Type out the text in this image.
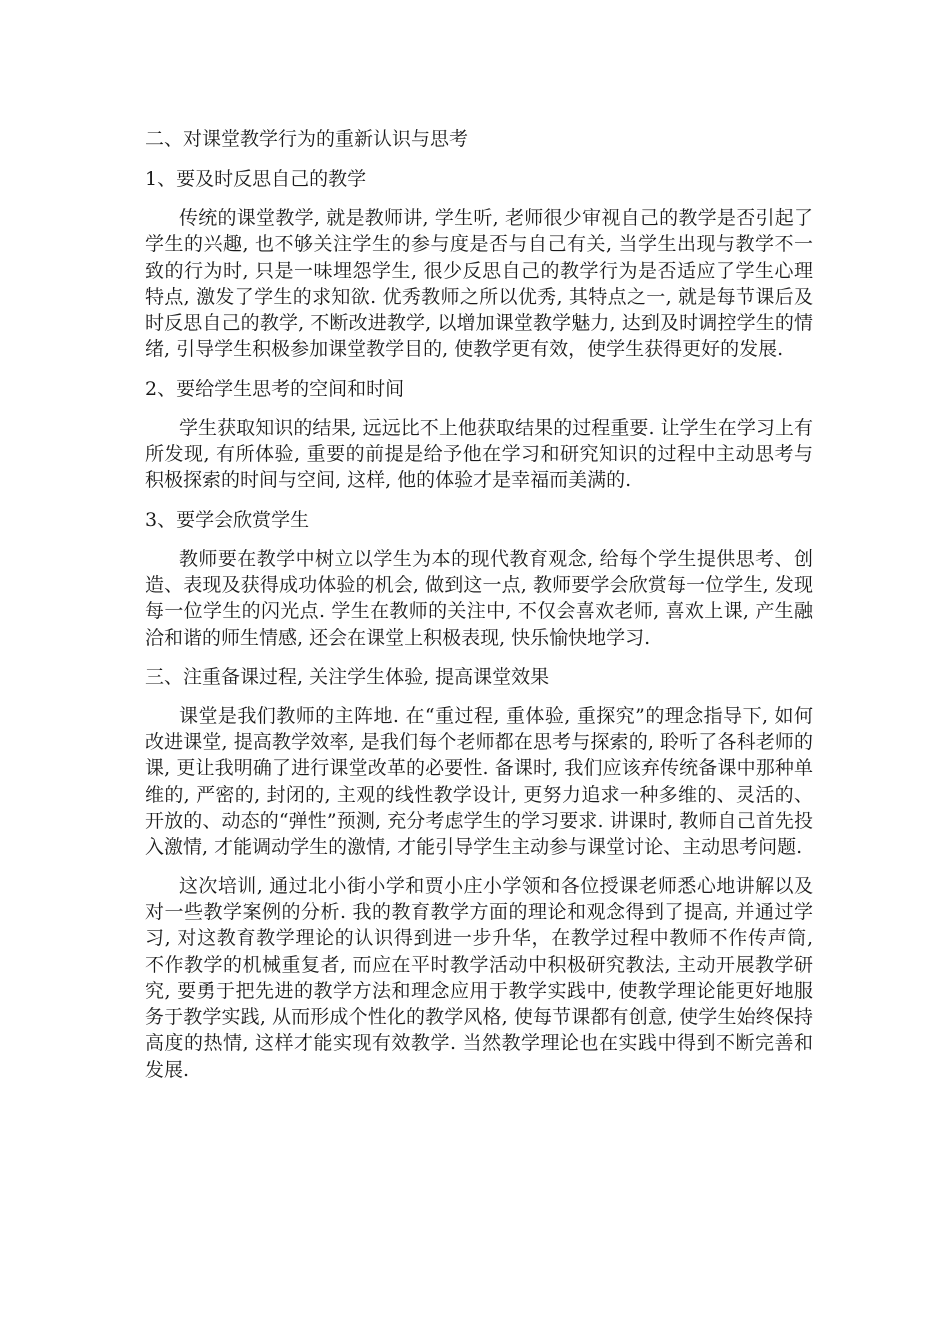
二、对课堂教学行为的重新认识与思考
1、要及时反思自己的教学

传统的课堂教学, 就是教师讲, 学生听, 老师很少审视自己的教学是否引起了学生的兴趣, 也不够关注学生的参与度是否与自己有关, 当学生出现与教学不一致的行为时, 只是一味埋怨学生, 很少反思自己的教学行为是否适应了学生心理特点, 激发了学生的求知欲. 优秀教师之所以优秀, 其特点之一, 就是每节课后及时反思自己的教学, 不断改进教学, 以增加课堂教学魅力, 达到及时调控学生的情绪, 引导学生积极参加课堂教学目的, 使教学更有效，使学生获得更好的发展.

2、要给学生思考的空间和时间

学生获取知识的结果, 远远比不上他获取结果的过程重要. 让学生在学习上有所发现, 有所体验, 重要的前提是给予他在学习和研究知识的过程中主动思考与积极探索的时间与空间, 这样, 他的体验才是幸福而美满的.

3、要学会欣赏学生

教师要在教学中树立以学生为本的现代教育观念, 给每个学生提供思考、创造、表现及获得成功体验的机会, 做到这一点, 教师要学会欣赏每一位学生, 发现每一位学生的闪光点. 学生在教师的关注中, 不仅会喜欢老师, 喜欢上课, 产生融洽和谐的师生情感, 还会在课堂上积极表现, 快乐愉快地学习.

三、注重备课过程, 关注学生体验, 提高课堂效果

课堂是我们教师的主阵地. 在“重过程, 重体验, 重探究”的理念指导下, 如何改进课堂, 提高教学效率, 是我们每个老师都在思考与探索的, 聆听了各科老师的课, 更让我明确了进行课堂改革的必要性. 备课时, 我们应该弃传统备课中那种单维的, 严密的, 封闭的, 主观的线性教学设计, 更努力追求一种多维的、灵活的、开放的、动态的“弹性”预测, 充分考虑学生的学习要求. 讲课时, 教师自己首先投入激情, 才能调动学生的激情, 才能引导学生主动参与课堂讨论、主动思考问题.

这次培训, 通过北小街小学和贾小庄小学领和各位授课老师悉心地讲解以及对一些教学案例的分析. 我的教育教学方面的理论和观念得到了提高, 并通过学习, 对这教育教学理论的认识得到进一步升华，在教学过程中教师不作传声筒, 不作教学的机械重复者, 而应在平时教学活动中积极研究教法, 主动开展教学研究, 要勇于把先进的教学方法和理念应用于教学实践中, 使教学理论能更好地服务于教学实践, 从而形成个性化的教学风格, 使每节课都有创意, 使学生始终保持高度的热情, 这样才能实现有效教学. 当然教学理论也在实践中得到不断完善和发展.
